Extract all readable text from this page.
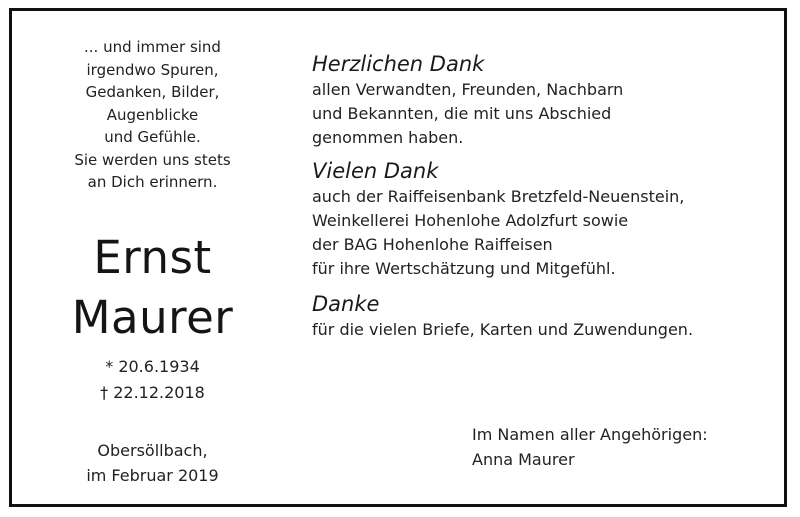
... und immer sind
irgendwo Spuren,
Gedanken, Bilder,
Augenblicke
und Gefühle.
Sie werden uns stets
an Dich erinnern.
Ernst
Maurer
* 20.6.1934
† 22.12.2018
Obersöllbach,
im Februar 2019

Herzlichen Dank

allen Verwandten, Freunden, Nachbarn
und Bekannten, die mit uns Abschied
genommen haben.

Vielen Dank

auch der Raiffeisenbank Bretzfeld-Neuenstein,
Weinkellerei Hohenlohe Adolzfurt sowie
der BAG Hohenlohe Raiffeisen
für ihre Wertschätzung und Mitgefühl.

Danke

für die vielen Briefe, Karten und Zuwendungen.
Im Namen aller Angehörigen:
Anna Maurer
